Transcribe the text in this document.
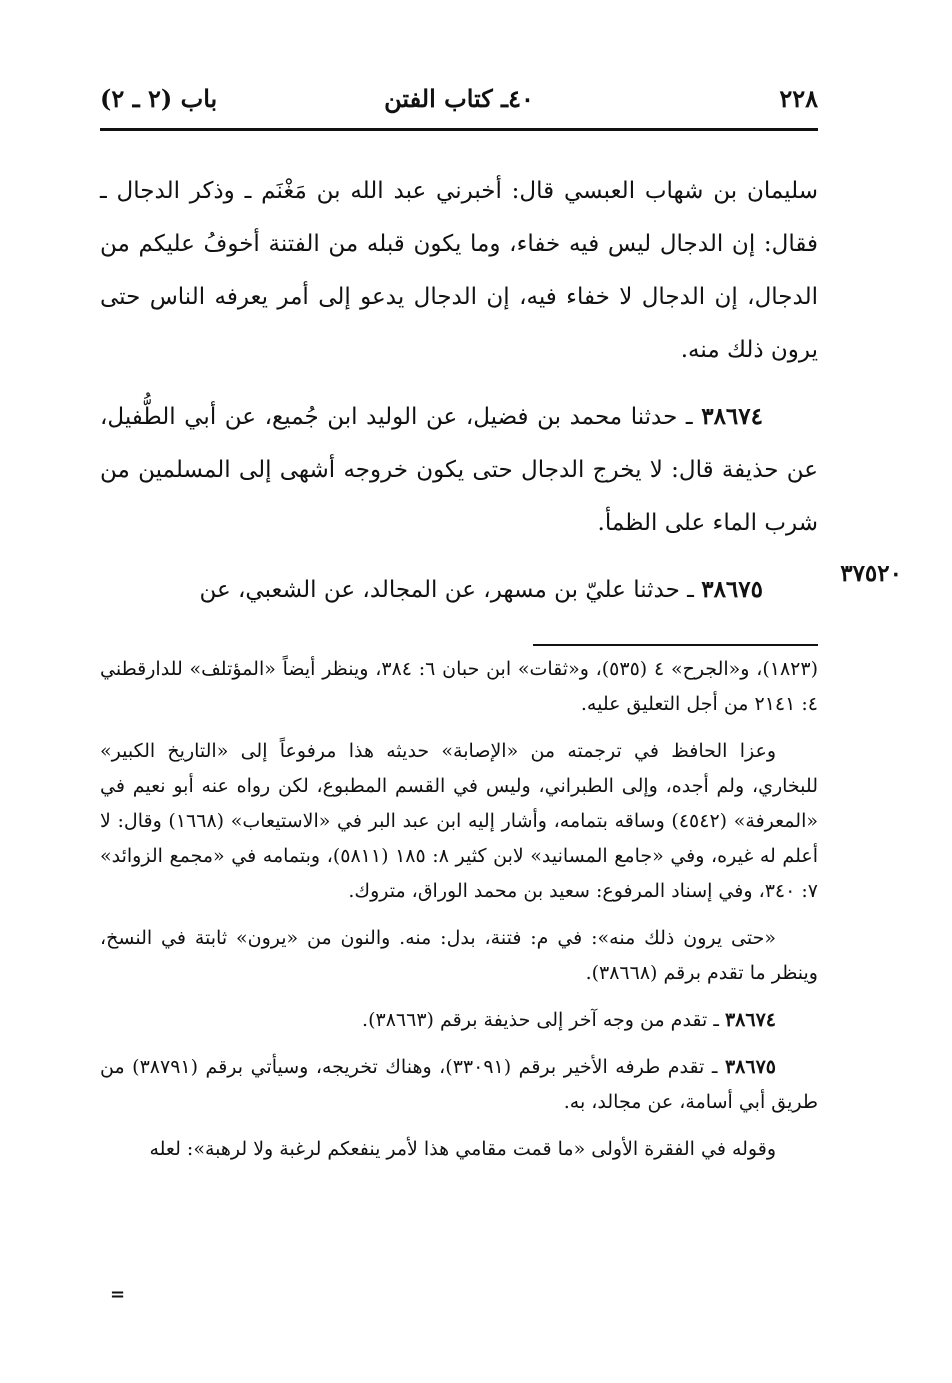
٢٢٨
٤٠ـ كتاب الفتن
باب (٢ ـ ٢)

سليمان بن شهاب العبسي قال: أخبرني عبد الله بن مَغْنَم ـ وذكر الدجال ـ فقال: إن الدجال ليس فيه خفاء، وما يكون قبله من الفتنة أخوفُ عليكم من الدجال، إن الدجال لا خفاء فيه، إن الدجال يدعو إلى أمر يعرفه الناس حتى يرون ذلك منه.

٣٨٦٧٤ ـ حدثنا محمد بن فضيل، عن الوليد ابن جُميع، عن أبي الطُّفيل، عن حذيفة قال: لا يخرج الدجال حتى يكون خروجه أشهى إلى المسلمين من شرب الماء على الظمأ.

٣٨٦٧٥ ـ حدثنا عليّ بن مسهر، عن المجالد، عن الشعبي، عن

٣٧٥٢٠

(١٨٢٣)، و«الجرح» ٤ (٥٣٥)، و«ثقات» ابن حبان ٦: ٣٨٤، وينظر أيضاً «المؤتلف» للدارقطني ٤: ٢١٤١ من أجل التعليق عليه.

وعزا الحافظ في ترجمته من «الإصابة» حديثه هذا مرفوعاً إلى «التاريخ الكبير» للبخاري، ولم أجده، وإلى الطبراني، وليس في القسم المطبوع، لكن رواه عنه أبو نعيم في «المعرفة» (٤٥٤٢) وساقه بتمامه، وأشار إليه ابن عبد البر في «الاستيعاب» (١٦٦٨) وقال: لا أعلم له غيره، وفي «جامع المسانيد» لابن كثير ٨: ١٨٥ (٥٨١١)، وبتمامه في «مجمع الزوائد» ٧: ٣٤٠، وفي إسناد المرفوع: سعيد بن محمد الوراق، متروك.

«حتى يرون ذلك منه»: في م: فتنة، بدل: منه. والنون من «يرون» ثابتة في النسخ، وينظر ما تقدم برقم (٣٨٦٦٨).

٣٨٦٧٤ ـ تقدم من وجه آخر إلى حذيفة برقم (٣٨٦٦٣).

٣٨٦٧٥ ـ تقدم طرفه الأخير برقم (٣٣٠٩١)، وهناك تخريجه، وسيأتي برقم (٣٨٧٩١) من طريق أبي أسامة، عن مجالد، به.

وقوله في الفقرة الأولى «ما قمت مقامي هذا لأمر ينفعكم لرغبة ولا لرهبة»: لعله

=
